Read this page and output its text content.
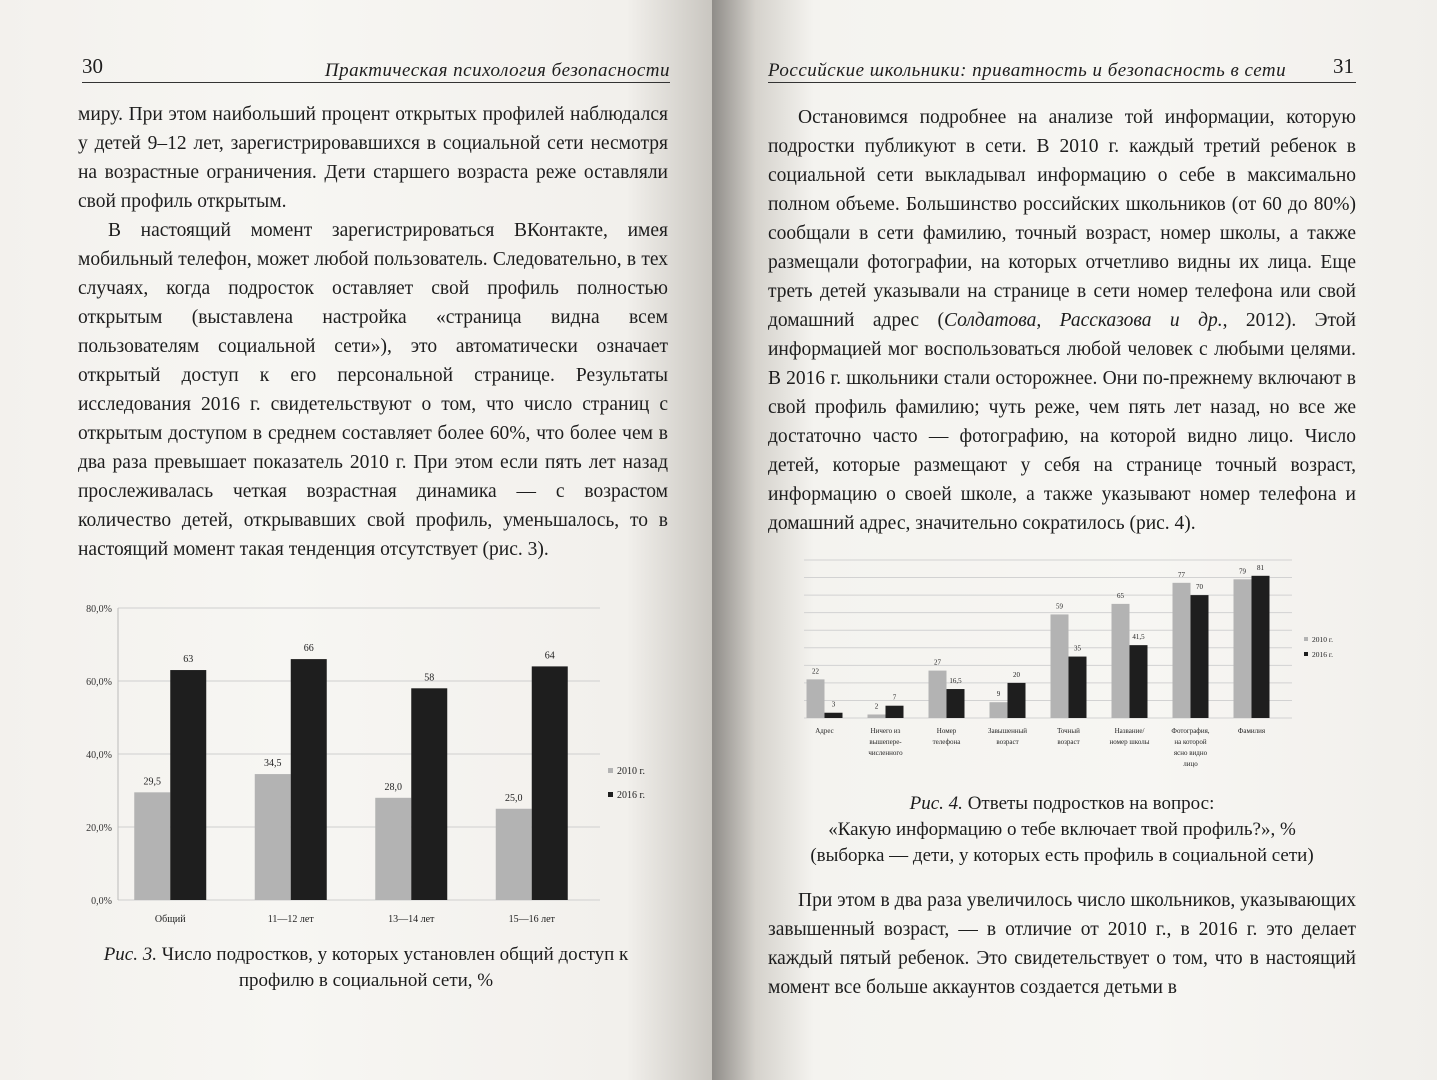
30	Практическая психология безопасности

миру. При этом наибольший процент открытых профилей наблюдался у детей 9–12 лет, зарегистрировавшихся в социальной сети несмотря на возрастные ограничения. Дети старшего возраста реже оставляли свой профиль открытым.

В настоящий момент зарегистрироваться ВКонтакте, имея мобильный телефон, может любой пользователь. Следовательно, в тех случаях, когда подросток оставляет свой профиль полностью открытым (выставлена настройка «страница видна всем пользователям социальной сети»), это автоматически означает открытый доступ к его персональной странице. Результаты исследования 2016 г. свидетельствуют о том, что число страниц с открытым доступом в среднем составляет более 60%, что более чем в два раза превышает показатель 2010 г. При этом если пять лет назад прослеживалась четкая возрастная динамика — с возрастом количество детей, открывавших свой профиль, уменьшалось, то в настоящий момент такая тенденция отсутствует (рис. 3).

0,0%
20,0%
40,0%
60,0%
80,0%
29,5
63
Общий
34,5
66
11—12 лет
28,0
58
13—14 лет
25,0
64
15—16 лет
2010 г.
2016 г.
Рис. 3. Число подростков, у которых установлен общий доступ к профилю в социальной сети, %
Российские школьники: приватность и безопасность в сети 31

Остановимся подробнее на анализе той информации, которую подростки публикуют в сети. В 2010 г. каждый третий ребенок в социальной сети выкладывал информацию о себе в максимально полном объеме. Большинство российских школьников (от 60 до 80%) сообщали в сети фамилию, точный возраст, номер школы, а также размещали фотографии, на которых отчетливо видны их лица. Еще треть детей указывали на странице в сети номер телефона или свой домашний адрес (Солдатова, Рассказова и др., 2012). Этой информацией мог воспользоваться любой человек с любыми целями. В 2016 г. школьники стали осторожнее. Они по-прежнему включают в свой профиль фамилию; чуть реже, чем пять лет назад, но все же достаточно часто — фотографию, на которой видно лицо. Число детей, которые размещают у себя на странице точный возраст, информацию о своей школе, а также указывают номер телефона и домашний адрес, значительно сократилось (рис. 4).

22
3
Адрес
2
7
Ничего из вышепере-численного
27
16,5
Номер телефона
9
20
Завышенный возраст
59
35
Точный возраст
65
41,5
Название/ номер школы
77
70
Фотография, на которой ясно видно лицо
79 81
Фамилия
2010 г.
2016 г.
Рис. 4. Ответы подростков на вопрос:
«Какую информацию о тебе включает твой профиль?», %
(выборка — дети, у которых есть профиль в социальной сети)

При этом в два раза увеличилось число школьников, указывающих завышенный возраст, — в отличие от 2010 г., в 2016 г. это делает каждый пятый ребенок. Это свидетельствует о том, что в настоящий момент все больше аккаунтов создается детьми в
